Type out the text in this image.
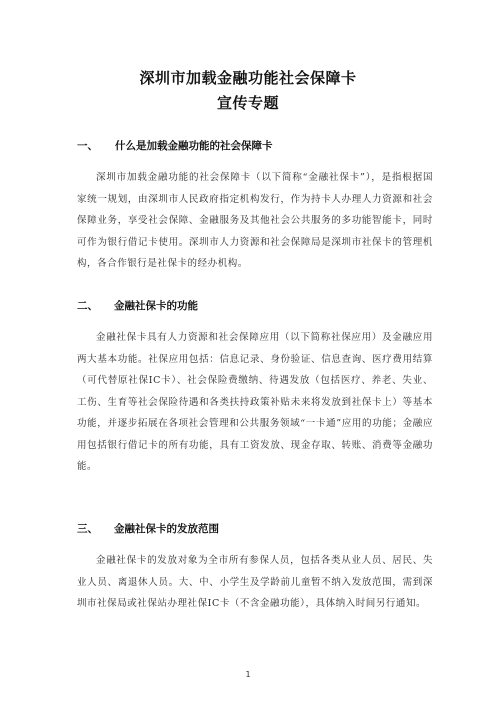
深圳市加载金融功能社会保障卡
宣传专题
一、 什么是加载金融功能的社会保障卡
深圳市加载金融功能的社会保障卡（以下简称“金融社保卡”），是指根据国家统一规划，由深圳市人民政府指定机构发行，作为持卡人办理人力资源和社会保障业务，享受社会保障、金融服务及其他社会公共服务的多功能智能卡，同时可作为银行借记卡使用。深圳市人力资源和社会保障局是深圳市社保卡的管理机构，各合作银行是社保卡的经办机构。
二、 金融社保卡的功能
金融社保卡具有人力资源和社会保障应用（以下简称社保应用）及金融应用两大基本功能。社保应用包括：信息记录、身份验证、信息查询、医疗费用结算（可代替原社保IC卡）、社会保险费缴纳、待遇发放（包括医疗、养老、失业、工伤、生育等社会保险待遇和各类扶持政策补贴未来将发放到社保卡上）等基本功能，并逐步拓展在各项社会管理和公共服务领域“一卡通”应用的功能；金融应用包括银行借记卡的所有功能，具有工资发放、现金存取、转账、消费等金融功能。
三、 金融社保卡的发放范围
金融社保卡的发放对象为全市所有参保人员，包括各类从业人员、居民、失业人员、离退休人员。大、中、小学生及学龄前儿童暂不纳入发放范围，需到深圳市社保局或社保站办理社保IC卡（不含金融功能），具体纳入时间另行通知。
1
